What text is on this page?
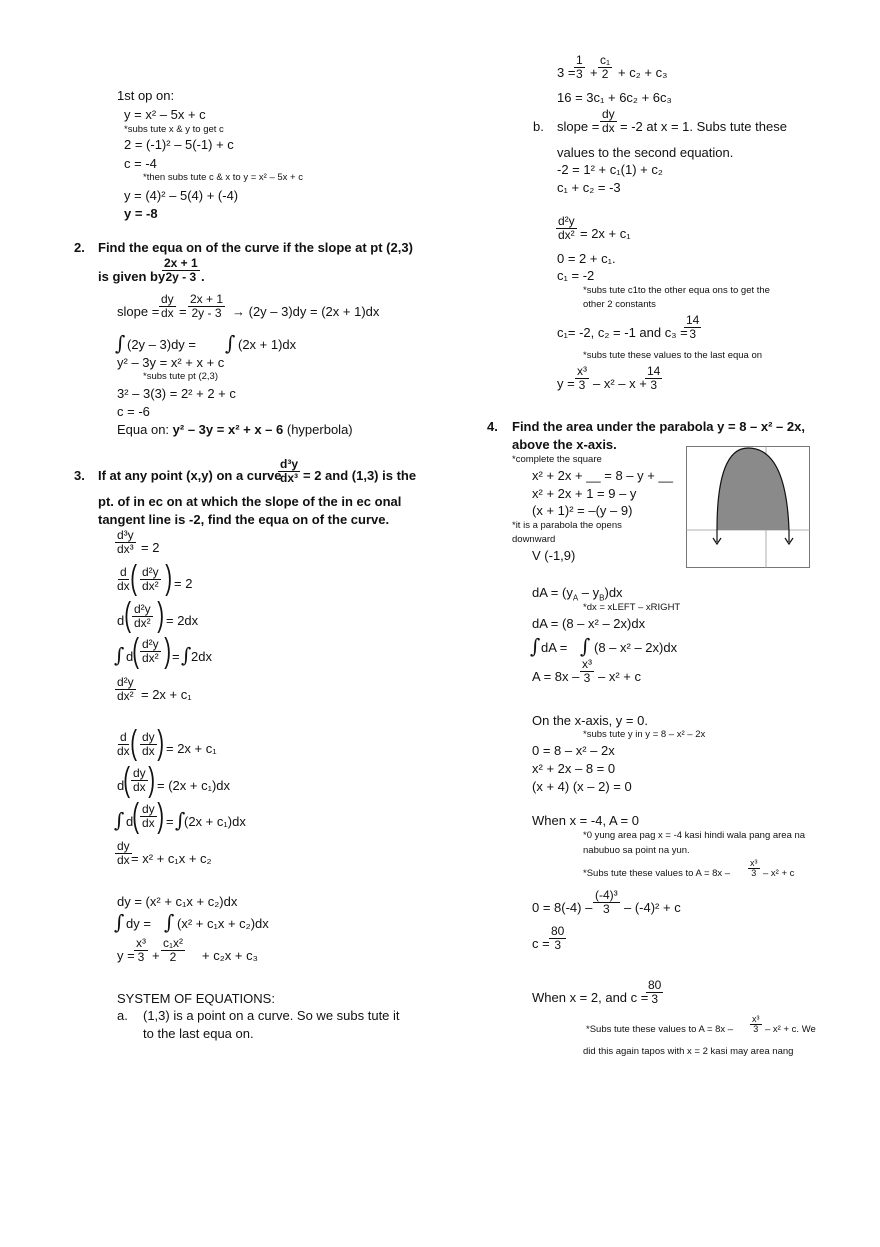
1st op on:
y = x² – 5x + c
*subs tute x & y to get c
2 = (-1)² – 5(-1) + c
c = -4
*then subs tute c & x to y = x² – 5x + c
y = (4)² – 5(4) + (-4)
y = -8
2. Find the equa on of the curve if the slope at pt (2,3)
is given by
$\frac{2x + 1}{2y - 3}$ .
slope = $\frac{dy}{dx} = \frac{2x + 1}{2y - 3} \to (2y - 3)dy = (2x + 1)dx$
∫ (2y – 3)dy = ∫ (2x + 1)dx
y² – 3y = x² + x + c
*subs tute pt (2,3)
3² – 3(3) = 2² + 2 + c
c = -6
Equa on: y² – 3y = x² + x – 6 (hyperbola)
3. If at any point (x,y) on a curve
$\frac{\text{d³y}}{\text{dx³}} = 2$ and (1,3) is the
pt. of in ec on at which the slope of the in ec onal
tangent line is -2, find the equa on of the curve.
$\frac{\text{d³y}}{\text{dx³}} = 2$
$\frac{d}{dx}$
( $\frac{\text{d²y}}{\text{dx²}}$ ) = 2
d ( $\frac{\text{d²y}}{\text{dx²}}$ ) = 2dx
∫ d ( $\frac{\text{d²y}}{\text{dx²}}$ ) = ∫ 2dx
$\frac{\text{d²y}}{\text{dx²}} = 2x + c_1$
$\frac{d}{dx}$
( $\frac{dy}{dx}$ ) = 2x + c₁
d ( $\frac{dy}{dx}$ ) = (2x + c₁)dx
∫ d ( $\frac{dy}{dx}$ ) = ∫
(2x + c₁)dx
$\frac{dy}{dx} = x^2 + c_1x + c_2$
dy = (x² + c₁x + c₂)dx
∫ dy = ∫ (x² + c₁x + c₂)dx
$y = \frac{\text{x³}}{3} + \frac{\text{c₁x²}}{2} + c_2x + c_3$
SYSTEM OF EQUATIONS:
a. (1,3) is a point on a curve. So we subs tute it
to the last equa on.
3 =
$\frac{1}{3} + \frac{\text{c₁}}{2} + c_2 + c_3$
16 = 3c₁ + 6c₂ + 6c₃
b. slope = $\frac{dy}{dx} = -2$ at x = 1. Subs tute these
values to the second equation.
-2 = 1² + c₁(1) + c₂
c₁ + c₂ = -3
$\frac{\text{d²y}}{\text{dx²}} = 2x + c_1$
0 = 2 + c₁.
c₁ = -2
*subs tute c1to the other equa ons to get the
other 2 constants
c₁= -2, c₂ = -1 and c₃ =
$\frac{14}{3}$
*subs tute these values to the last equa on
$y = \frac{\text{x³}}{3} - x^2 - x$ +
$\frac{14}{3}$
4. Find the area under the parabola y = 8 – x² – 2x,
above the x-axis.
*complete the square
x² + 2x + __ = 8 – y + __
x² + 2x + 1 = 9 – y
(x + 1)² = –(y – 9)
*it is a parabola the opens
downward
V (-1,9)
dA = $(y_A - y_B)dx$
*dx = xLEFT – xRIGHT
dA = (8 – x² – 2x)dx
∫ dA = ∫ (8 – x² – 2x)dx
$A = 8x - \frac{\text{x³}}{3} - x^2 + c$
On the x-axis, y = 0.
*subs tute y in y = 8 – x² – 2x
0 = 8 – x² – 2x
x² + 2x – 8 = 0
(x + 4) (x – 2) = 0
When x = -4, A = 0
*0 yung area pag x = -4 kasi hindi wala pang area na
nabubuo sa point na yun.
*Subs tute these values to $A = 8x - \frac{\text{x³}}{3} - x^2 + c$
$0 = 8(-4) - \frac{\text{(-4)³}}{3} - (-4)^2 + c$
$c = \frac{80}{3}$
When x = 2, and c =
$\frac{80}{3}$
*Subs tute these values to $A = 8x - \frac{\text{x³}}{3} - x^2 + c$. We
did this again tapos with x = 2 kasi may area nang
